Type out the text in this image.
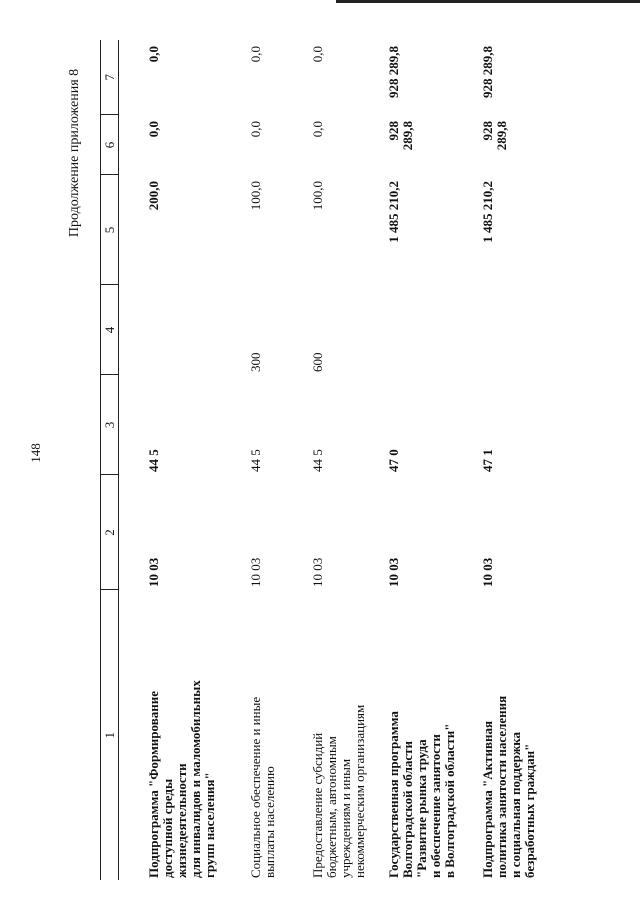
148
Продолжение приложения 8
1	2	3	4	5	6	7

Подпрограмма "Формирование доступной среды жизнедеятельности для инвалидов и маломобильных групп населения"	10 03	44 5		200,0	0,0	0,0

Социальное обеспечение и иные выплаты населению	10 03	44 5	300	100,0	0,0	0,0

Предоставление субсидий бюджетным, автономным учреждениям и иным некоммерческим организациям	10 03	44 5	600	100,0	0,0	0,0

Государственная программа Волгоградской области "Развитие рынка труда и обеспечение занятости в Волгоградской области"	10 03	47 0		1 485 210,2	928 289,8	928 289,8

Подпрограмма "Активная политика занятости населения и социальная поддержка безработных граждан"	10 03	47 1		1 485 210,2	928 289,8	928 289,8
